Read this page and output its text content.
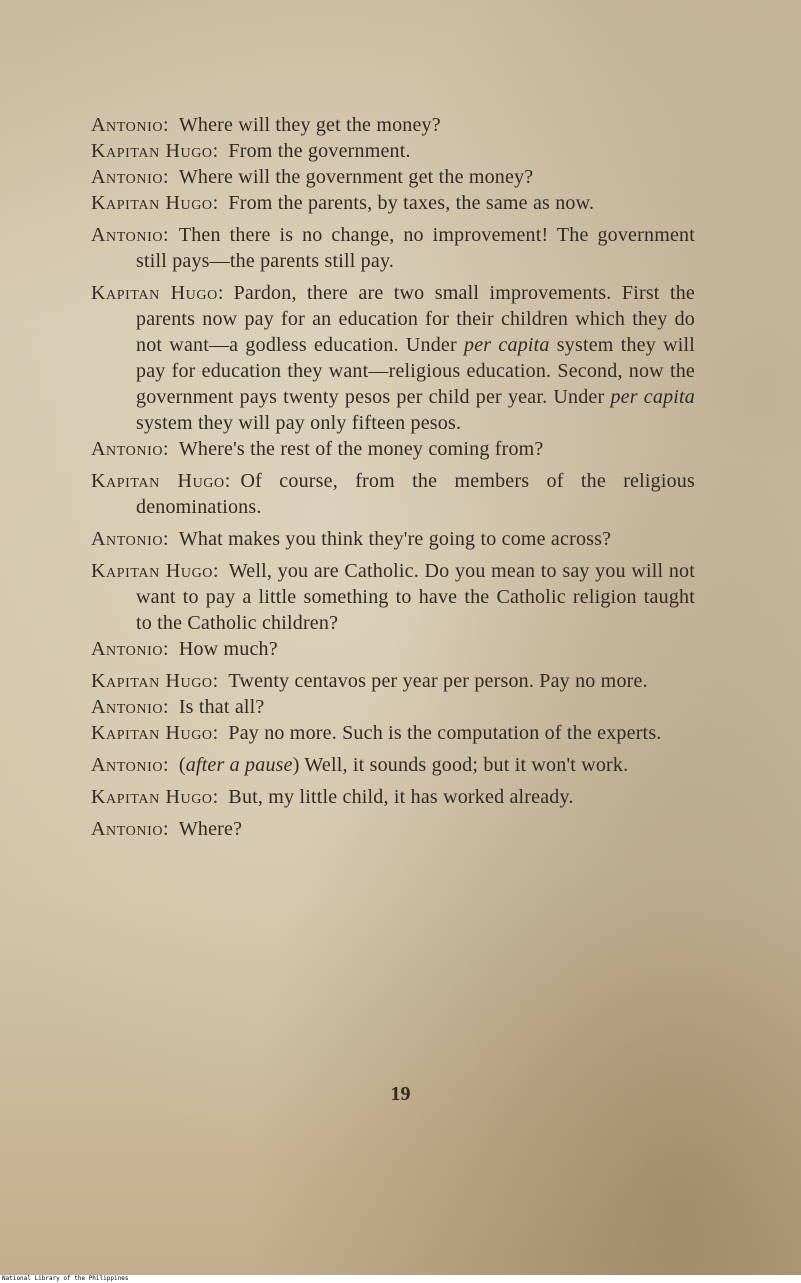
Antonio: Where will they get the money?
Kapitan Hugo: From the government.
Antonio: Where will the government get the money?
Kapitan Hugo: From the parents, by taxes, the same as now.
Antonio: Then there is no change, no improvement! The government still pays—the parents still pay.
Kapitan Hugo: Pardon, there are two small improvements. First the parents now pay for an education for their children which they do not want—a godless education. Under per capita system they will pay for education they want—religious education. Second, now the government pays twenty pesos per child per year. Under per capita system they will pay only fifteen pesos.
Antonio: Where's the rest of the money coming from?
Kapitan Hugo: Of course, from the members of the religious denominations.
Antonio: What makes you think they're going to come across?
Kapitan Hugo: Well, you are Catholic. Do you mean to say you will not want to pay a little something to have the Catholic religion taught to the Catholic children?
Antonio: How much?
Kapitan Hugo: Twenty centavos per year per person. Pay no more.
Antonio: Is that all?
Kapitan Hugo: Pay no more. Such is the computation of the experts.
Antonio: (after a pause) Well, it sounds good; but it won't work.
Kapitan Hugo: But, my little child, it has worked already.
Antonio: Where?
19
National Library of the Philippines
